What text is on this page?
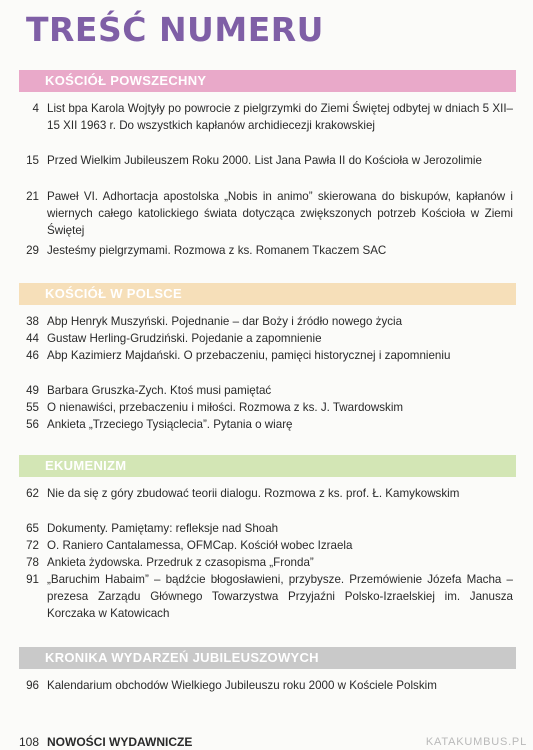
TREŚĆ NUMERU
KOŚCIÓŁ POWSZECHNY
4 List bpa Karola Wojtyły po powrocie z pielgrzymki do Ziemi Świętej odbytej w dniach 5 XII–15 XII 1963 r. Do wszystkich kapłanów archidiecezji krakowskiej
15 Przed Wielkim Jubileuszem Roku 2000. List Jana Pawła II do Kościoła w Jerozolimie
21 Paweł VI. Adhortacja apostolska „Nobis in animo” skierowana do biskupów, kapłanów i wiernych całego katolickiego świata dotycząca zwiększonych potrzeb Kościoła w Ziemi Świętej
29 Jesteśmy pielgrzymami. Rozmowa z ks. Romanem Tkaczem SAC
KOŚCIÓŁ W POLSCE
38 Abp Henryk Muszyński. Pojednanie – dar Boży i źródło nowego życia
44 Gustaw Herling-Grudziński. Pojedanie a zapomnienie
46 Abp Kazimierz Majdański. O przebaczeniu, pamięci historycznej i zapomnieniu
49 Barbara Gruszka-Zych. Ktoś musi pamiętać
55 O nienawiści, przebaczeniu i miłości. Rozmowa z ks. J. Twardowskim
56 Ankieta „Trzeciego Tysiąclecia”. Pytania o wiarę
EKUMENIZM
62 Nie da się z góry zbudować teorii dialogu. Rozmowa z ks. prof. Ł. Kamykowskim
65 Dokumenty. Pamiętamy: refleksje nad Shoah
72 O. Raniero Cantalamessa, OFMCap. Kościół wobec Izraela
78 Ankieta żydowska. Przedruk z czasopisma „Fronda”
91 „Baruchim Habaim” – bądźcie błogosławieni, przybysze. Przemówienie Józefa Macha – prezesa Zarządu Głównego Towarzystwa Przyjaźni Polsko-Izraelskiej im. Janusza Korczaka w Katowicach
KRONIKA WYDARZEŃ JUBILEUSZOWYCH
96 Kalendarium obchodów Wielkiego Jubileuszu roku 2000 w Kościele Polskim
108 NOWOŚCI WYDAWNICZE	KATAKUMBUS.PL
